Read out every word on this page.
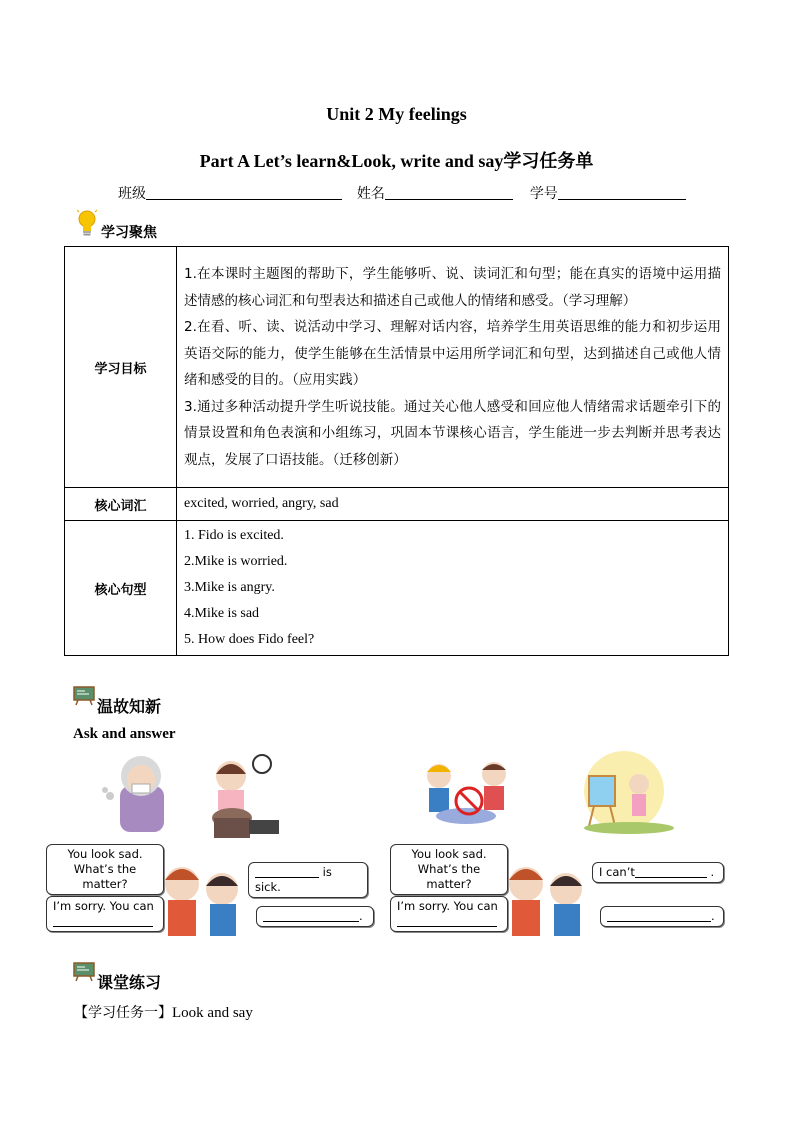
Unit 2 My feelings
Part A Let’s learn&Look, write and say学习任务单
班级	姓名	学号
学习聚焦
学习目标	1.在本课时主题图的帮助下，学生能够听、说、读词汇和句型；能在真实的语境中运用描述情感的核心词汇和句型表达和描述自己或他人的情绪和感受。（学习理解）
2.在看、听、读、说活动中学习、理解对话内容，培养学生用英语思维的能力和初步运用英语交际的能力，使学生能够在生活情景中运用所学词汇和句型，达到描述自己或他人情绪和感受的目的。（应用实践）
3.通过多种活动提升学生听说技能。通过关心他人感受和回应他人情绪需求话题牵引下的情景设置和角色表演和小组练习，巩固本节课核心语言，学生能进一步去判断并思考表达观点，发展了口语技能。（迁移创新）

核心词汇	excited, worried, angry, sad
核心句型	1. Fido is excited.
2.Mike is worried.
3.Mike is angry.
4.Mike is sad
5. How does Fido feel?
温故知新
Ask and answer
You look sad.
What’s the matter?
is sick.
I’m sorry. You can
.
You look sad.
What’s the matter?
I can’t	.
I’m sorry. You can
.
课堂练习
【学习任务一】Look and say
